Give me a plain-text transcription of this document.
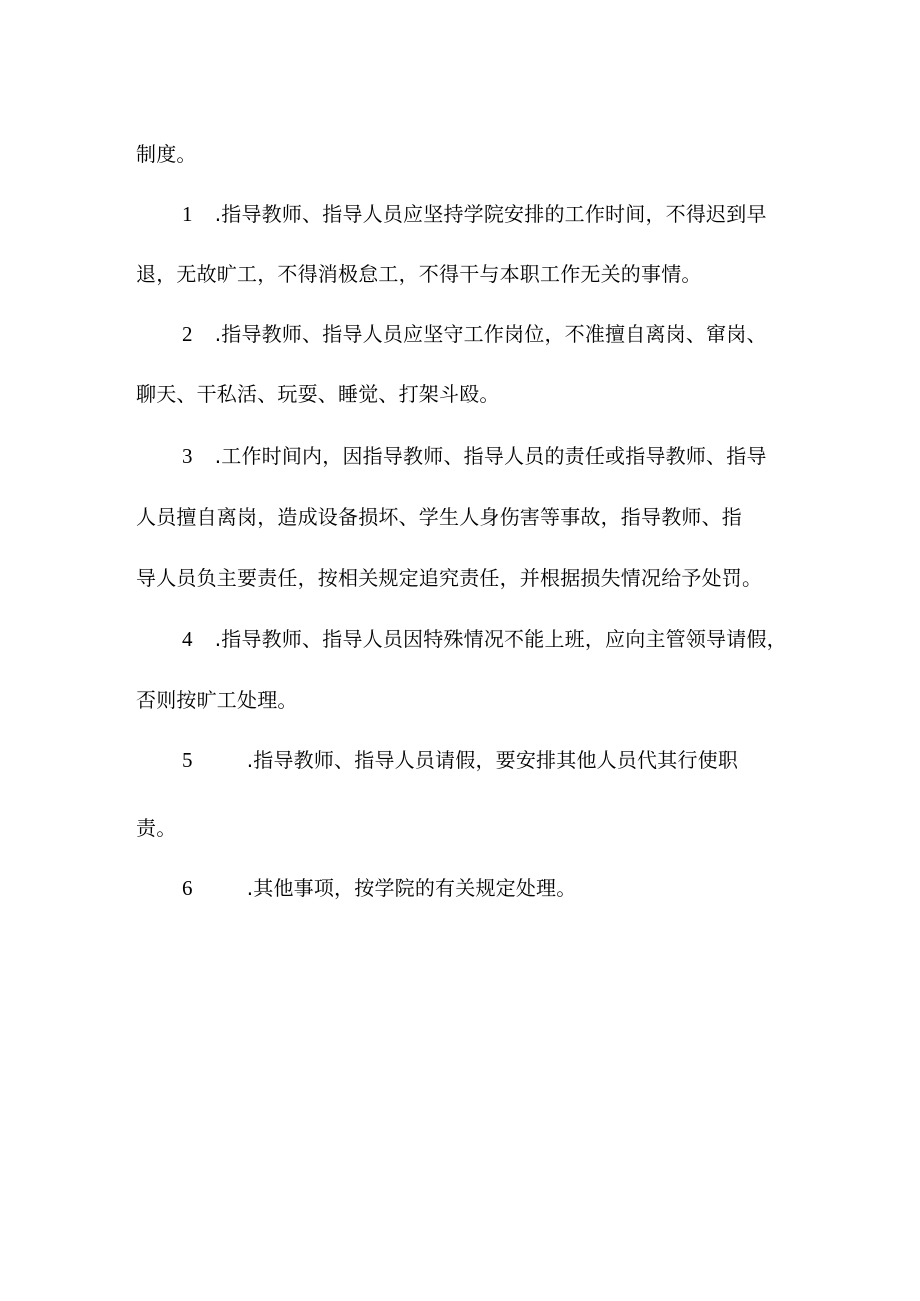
制度。
1 .指导教师、指导人员应坚持学院安排的工作时间，不得迟到早
退，无故旷工，不得消极怠工，不得干与本职工作无关的事情。
2 .指导教师、指导人员应坚守工作岗位，不准擅自离岗、窜岗、
聊天、干私活、玩耍、睡觉、打架斗殴。
3 .工作时间内，因指导教师、指导人员的责任或指导教师、指导
人员擅自离岗，造成设备损坏、学生人身伤害等事故，指导教师、指
导人员负主要责任，按相关规定追究责任，并根据损失情况给予处罚。
4 .指导教师、指导人员因特殊情况不能上班，应向主管领导请假，
否则按旷工处理。
5	.指导教师、指导人员请假，要安排其他人员代其行使职
责。
6	.其他事项，按学院的有关规定处理。
